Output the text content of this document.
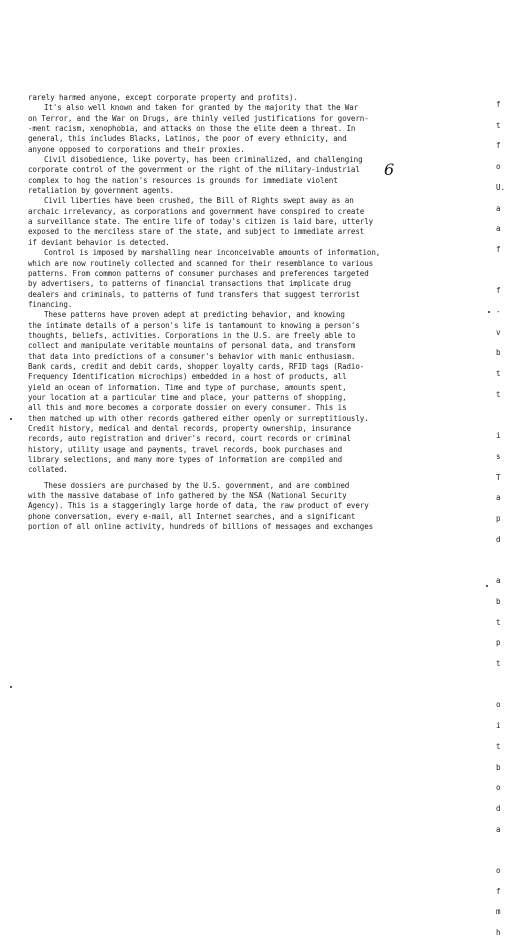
rarely harmed anyone, except corporate property and profits).

It's also well known and taken for granted by the majority that the War
on Terror, and the War on Drugs, are thinly veiled justifications for govern-
-ment racism, xenophobia, and attacks on those the elite deem a threat. In
general, this includes Blacks, Latinos, the poor of every ethnicity, and
anyone opposed to corporations and their proxies.

Civil disobedience, like poverty, has been criminalized, and challenging
corporate control of the government or the right of the military-industrial
complex to hog the nation's resources is grounds for immediate violent
retaliation by government agents.

Civil liberties have been crushed, the Bill of Rights swept away as an
archaic irrelevancy, as corporations and government have conspired to create
a surveillance state. The entire life of today's citizen is laid bare, utterly
exposed to the merciless stare of the state, and subject to immediate arrest
if deviant behavior is detected.

Control is imposed by marshalling near inconceivable amounts of information,
which are now routinely collected and scanned for their resemblance to various
patterns. From common patterns of consumer purchases and preferences targeted
by advertisers, to patterns of financial transactions that implicate drug
dealers and criminals, to patterns of fund transfers that suggest terrorist
financing.

These patterns have proven adept at predicting behavior, and knowing
the intimate details of a person's life is tantamount to knowing a person's
thoughts, beliefs, activities. Corporations in the U.S. are freely able to
collect and manipulate veritable mountains of personal data, and transform
that data into predictions of a consumer's behavior with manic enthusiasm.
Bank cards, credit and debit cards, shopper loyalty cards, RFID tags (Radio-
Frequency Identification microchips) embedded in a host of products, all
yield an ocean of information. Time and type of purchase, amounts spent,
your location at a particular time and place, your patterns of shopping,
all this and more becomes a corporate dossier on every consumer. This is
then matched up with other records gathered either openly or surreptitiously.
Credit history, medical and dental records, property ownership, insurance
records, auto registration and driver's record, court records or criminal
history, utility usage and payments, travel records, book purchases and
library selections, and many more types of information are compiled and
collated.

These dossiers are purchased by the U.S. government, and are combined
with the massive database of info gathered by the NSA (National Security
Agency). This is a staggeringly large horde of data, the raw product of every
phone conversation, every e-mail, all Internet searches, and a significant
portion of all online activity, hundreds of billions of messages and exchanges

6
f
t
f
o
U.
a
a
f

f
-
v
b
t
t

i
s
T
a
p
d

a
b
t
p
t

o
i
t
b
o
d
a

o
f
m
h
